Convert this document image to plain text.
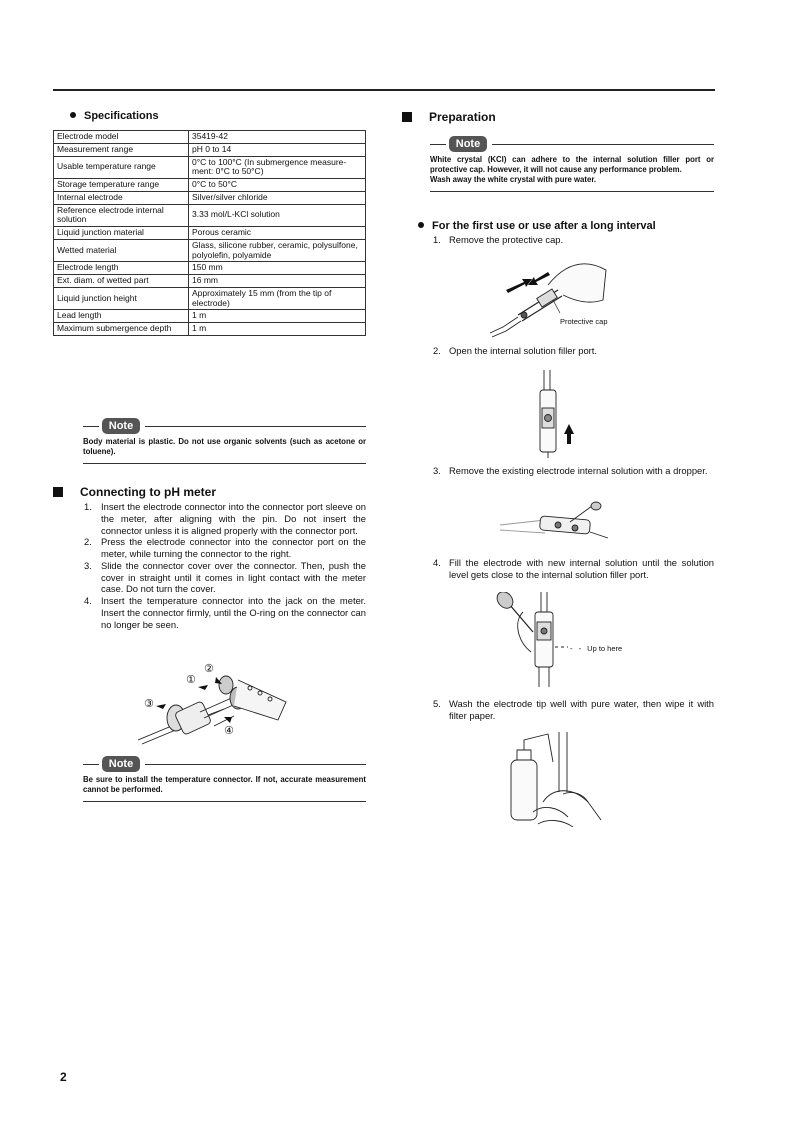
Specifications
Electrode model	35419-42
Measurement range	pH 0 to 14
Usable temperature range	0°C to 100°C (In submergence measure-ment: 0°C to 50°C)
Storage temperature range	0°C to 50°C
Internal electrode	Silver/silver chloride
Reference electrode internal solution	3.33 mol/L-KCl solution
Liquid junction material	Porous ceramic
Wetted material	Glass, silicone rubber, ceramic, polysulfone, polyolefin, polyamide
Electrode length	150 mm
Ext. diam. of wetted part	16 mm
Liquid junction height	Approximately 15 mm (from the tip of electrode)
Lead length	1 m
Maximum submergence depth	1 m
Note
Body material is plastic. Do not use organic solvents (such as acetone or toluene).
Connecting to pH meter
1. Insert the electrode connector into the connector port sleeve on the meter, after aligning with the pin. Do not insert the connector unless it is aligned properly with the connector port.
2. Press the electrode connector into the connector port on the meter, while turning the connector to the right.
3. Slide the connector cover over the connector. Then, push the cover in straight until it comes in light contact with the meter case. Do not turn the cover.
4. Insert the temperature connector into the jack on the meter. Insert the connector firmly, until the O-ring on the connector can no longer be seen.
①
②
③
④
Note
Be sure to install the temperature connector. If not, accurate measurement cannot be performed.
Preparation
Note
White crystal (KCl) can adhere to the internal solution filler port or protective cap. However, it will not cause any performance problem.
Wash away the white crystal with pure water.
For the first use or use after a long interval
1. Remove the protective cap.
Protective cap
2. Open the internal solution filler port.
3. Remove the existing electrode internal solution with a dropper.
4. Fill the electrode with new internal solution until the solution level gets close to the internal solution filler port.
- - Up to here
5. Wash the electrode tip well with pure water, then wipe it with filter paper.
2
